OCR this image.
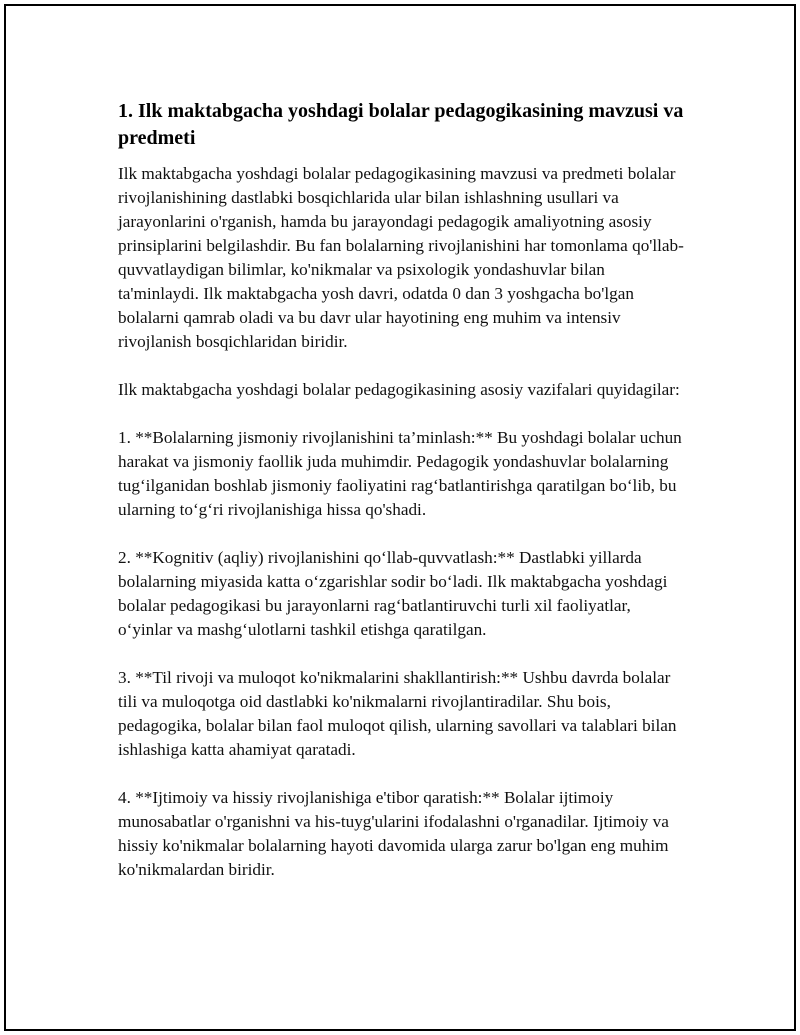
1. Ilk maktabgacha yoshdagi bolalar pedagogikasining mavzusi va predmeti

Ilk maktabgacha yoshdagi bolalar pedagogikasining mavzusi va predmeti bolalar rivojlanishining dastlabki bosqichlarida ular bilan ishlashning usullari va jarayonlarini o'rganish, hamda bu jarayondagi pedagogik amaliyotning asosiy prinsiplarini belgilashdir. Bu fan bolalarning rivojlanishini har tomonlama qo'llab-quvvatlaydigan bilimlar, ko'nikmalar va psixologik yondashuvlar bilan ta'minlaydi. Ilk maktabgacha yosh davri, odatda 0 dan 3 yoshgacha bo'lgan bolalarni qamrab oladi va bu davr ular hayotining eng muhim va intensiv rivojlanish bosqichlaridan biridir.

Ilk maktabgacha yoshdagi bolalar pedagogikasining asosiy vazifalari quyidagilar:

1. **Bolalarning jismoniy rivojlanishini ta’minlash:** Bu yoshdagi bolalar uchun harakat va jismoniy faollik juda muhimdir. Pedagogik yondashuvlar bolalarning tug‘ilganidan boshlab jismoniy faoliyatini rag‘batlantirishga qaratilgan bo‘lib, bu ularning to‘g‘ri rivojlanishiga hissa qo'shadi.

2. **Kognitiv (aqliy) rivojlanishini qo‘llab-quvvatlash:** Dastlabki yillarda bolalarning miyasida katta o‘zgarishlar sodir bo‘ladi. Ilk maktabgacha yoshdagi bolalar pedagogikasi bu jarayonlarni rag‘batlantiruvchi turli xil faoliyatlar, o‘yinlar va mashg‘ulotlarni tashkil etishga qaratilgan.

3. **Til rivoji va muloqot ko'nikmalarini shakllantirish:** Ushbu davrda bolalar tili va muloqotga oid dastlabki ko'nikmalarni rivojlantiradilar. Shu bois, pedagogika, bolalar bilan faol muloqot qilish, ularning savollari va talablari bilan ishlashiga katta ahamiyat qaratadi.

4. **Ijtimoiy va hissiy rivojlanishiga e'tibor qaratish:** Bolalar ijtimoiy munosabatlar o'rganishni va his-tuyg'ularini ifodalashni o'rganadilar. Ijtimoiy va hissiy ko'nikmalar bolalarning hayoti davomida ularga zarur bo'lgan eng muhim ko'nikmalardan biridir.
